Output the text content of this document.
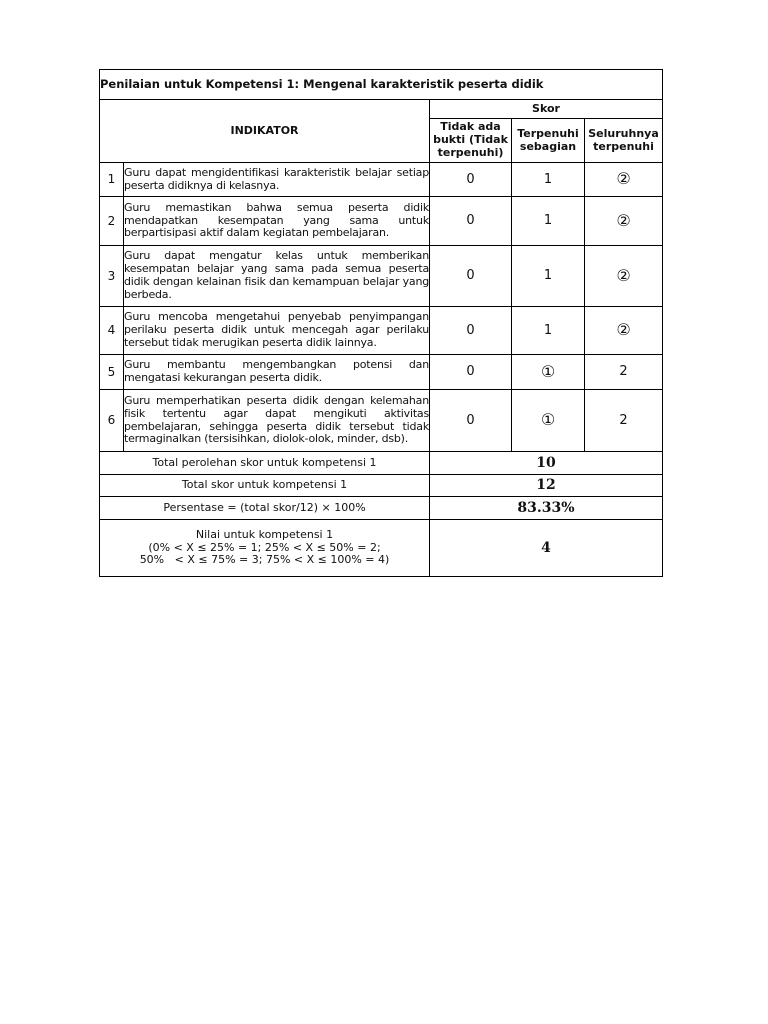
Penilaian untuk Kompetensi 1: Mengenal karakteristik peserta didik				
INDIKATOR		Skor		
		Tidak ada bukti (Tidak terpenuhi)	Terpenuhi sebagian	Seluruhnya terpenuhi
1	Guru dapat mengidentifikasi karakteristik belajar setiap peserta didiknya di kelasnya.	0	1	②
2	Guru memastikan bahwa semua peserta didik mendapatkan kesempatan yang sama untuk berpartisipasi aktif dalam kegiatan pembelajaran.	0	1	②
3	Guru dapat mengatur kelas untuk memberikan kesempatan belajar yang sama pada semua peserta didik dengan kelainan fisik dan kemampuan belajar yang berbeda.	0	1	②
4	Guru mencoba mengetahui penyebab penyimpangan perilaku peserta didik untuk mencegah agar perilaku tersebut tidak merugikan peserta didik lainnya.	0	1	②
5	Guru membantu mengembangkan potensi dan mengatasi kekurangan peserta didik.	0	①	2
6	Guru memperhatikan peserta didik dengan kelemahan fisik tertentu agar dapat mengikuti aktivitas pembelajaran, sehingga peserta didik tersebut tidak termaginalkan (tersisihkan, diolok-olok, minder, dsb).	0	①	2
Total perolehan skor untuk kompetensi 1		10		
Total skor untuk kompetensi 1		12		
Persentase = (total skor/12) × 100%		83.33%		

Nilai untuk kompetensi 1
(0% < X ≤ 25% = 1; 25% < X ≤ 50% = 2;
50%   < X ≤ 75% = 3; 75% < X ≤ 100% = 4)		4		
